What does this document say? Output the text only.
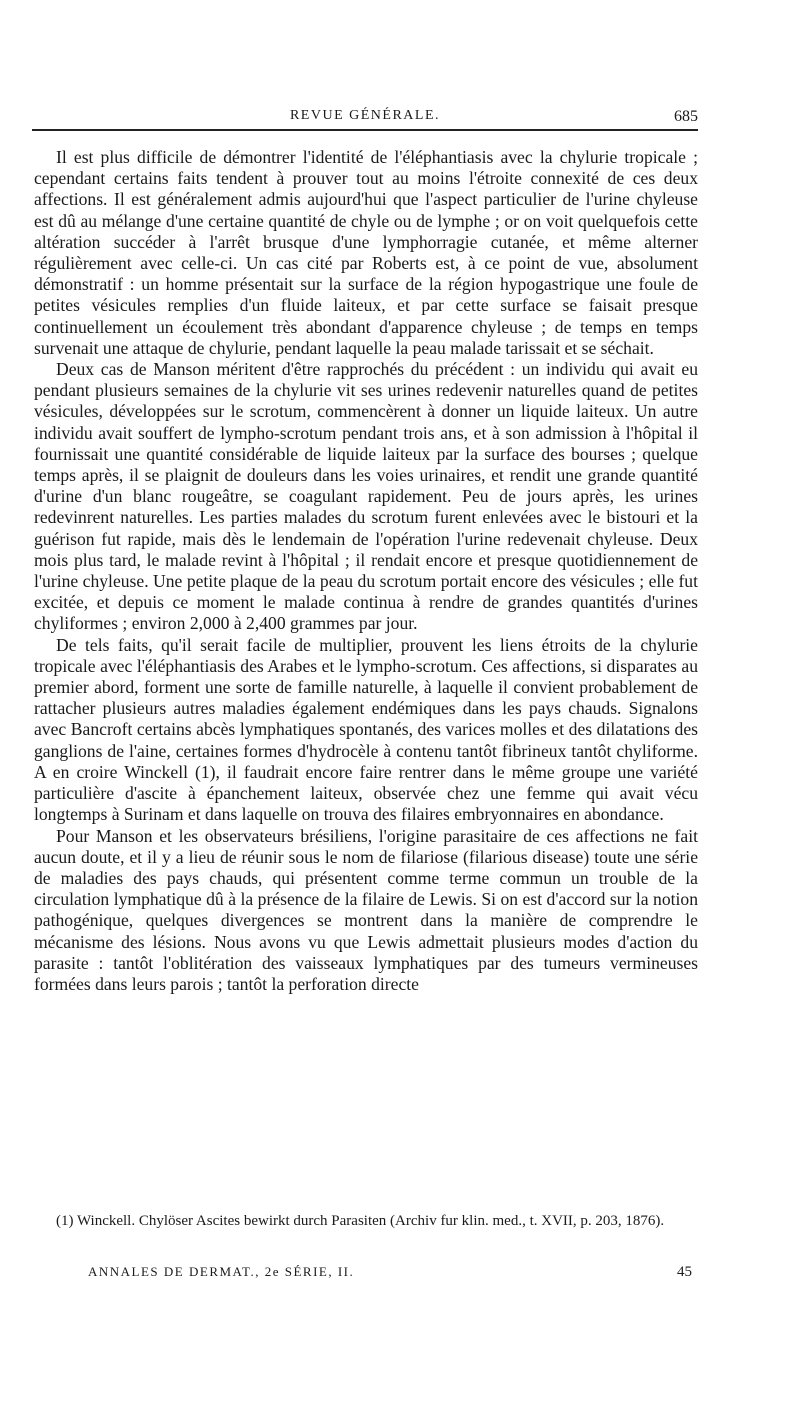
REVUE GÉNÉRALE.	685

Il est plus difficile de démontrer l'identité de l'éléphantiasis avec la chylurie tropicale ; cependant certains faits tendent à prouver tout au moins l'étroite connexité de ces deux affections. Il est généralement admis aujourd'hui que l'aspect particulier de l'urine chyleuse est dû au mélange d'une certaine quantité de chyle ou de lymphe ; or on voit quelquefois cette altération succéder à l'arrêt brusque d'une lymphorragie cutanée, et même alterner régulièrement avec celle-ci. Un cas cité par Roberts est, à ce point de vue, absolument démonstratif : un homme présentait sur la surface de la région hypogastrique une foule de petites vésicules remplies d'un fluide laiteux, et par cette surface se faisait presque continuellement un écoulement très abondant d'apparence chyleuse ; de temps en temps survenait une attaque de chylurie, pendant laquelle la peau malade tarissait et se séchait.

Deux cas de Manson méritent d'être rapprochés du précédent : un individu qui avait eu pendant plusieurs semaines de la chylurie vit ses urines redevenir naturelles quand de petites vésicules, développées sur le scrotum, commencèrent à donner un liquide laiteux. Un autre individu avait souffert de lympho-scrotum pendant trois ans, et à son admission à l'hôpital il fournissait une quantité considérable de liquide laiteux par la surface des bourses ; quelque temps après, il se plaignit de douleurs dans les voies urinaires, et rendit une grande quantité d'urine d'un blanc rougeâtre, se coagulant rapidement. Peu de jours après, les urines redevinrent naturelles. Les parties malades du scrotum furent enlevées avec le bistouri et la guérison fut rapide, mais dès le lendemain de l'opération l'urine redevenait chyleuse. Deux mois plus tard, le malade revint à l'hôpital ; il rendait encore et presque quotidiennement de l'urine chyleuse. Une petite plaque de la peau du scrotum portait encore des vésicules ; elle fut excitée, et depuis ce moment le malade continua à rendre de grandes quantités d'urines chyliformes ; environ 2,000 à 2,400 grammes par jour.

De tels faits, qu'il serait facile de multiplier, prouvent les liens étroits de la chylurie tropicale avec l'éléphantiasis des Arabes et le lympho-scrotum. Ces affections, si disparates au premier abord, forment une sorte de famille naturelle, à laquelle il convient probablement de rattacher plusieurs autres maladies également endémiques dans les pays chauds. Signalons avec Bancroft certains abcès lymphatiques spontanés, des varices molles et des dilatations des ganglions de l'aine, certaines formes d'hydrocèle à contenu tantôt fibrineux tantôt chyliforme. A en croire Winckell (1), il faudrait encore faire rentrer dans le même groupe une variété particulière d'ascite à épanchement laiteux, observée chez une femme qui avait vécu longtemps à Surinam et dans laquelle on trouva des filaires embryonnaires en abondance.

Pour Manson et les observateurs brésiliens, l'origine parasitaire de ces affections ne fait aucun doute, et il y a lieu de réunir sous le nom de filariose (filarious disease) toute une série de maladies des pays chauds, qui présentent comme terme commun un trouble de la circulation lymphatique dû à la présence de la filaire de Lewis. Si on est d'accord sur la notion pathogénique, quelques divergences se montrent dans la manière de comprendre le mécanisme des lésions. Nous avons vu que Lewis admettait plusieurs modes d'action du parasite : tantôt l'oblitération des vaisseaux lymphatiques par des tumeurs vermineuses formées dans leurs parois ; tantôt la perforation directe

(1) Winckell. Chylöser Ascites bewirkt durch Parasiten (Archiv fur klin. med., t. XVII, p. 203, 1876).

ANNALES DE DERMAT., 2e SÉRIE, II.	45
